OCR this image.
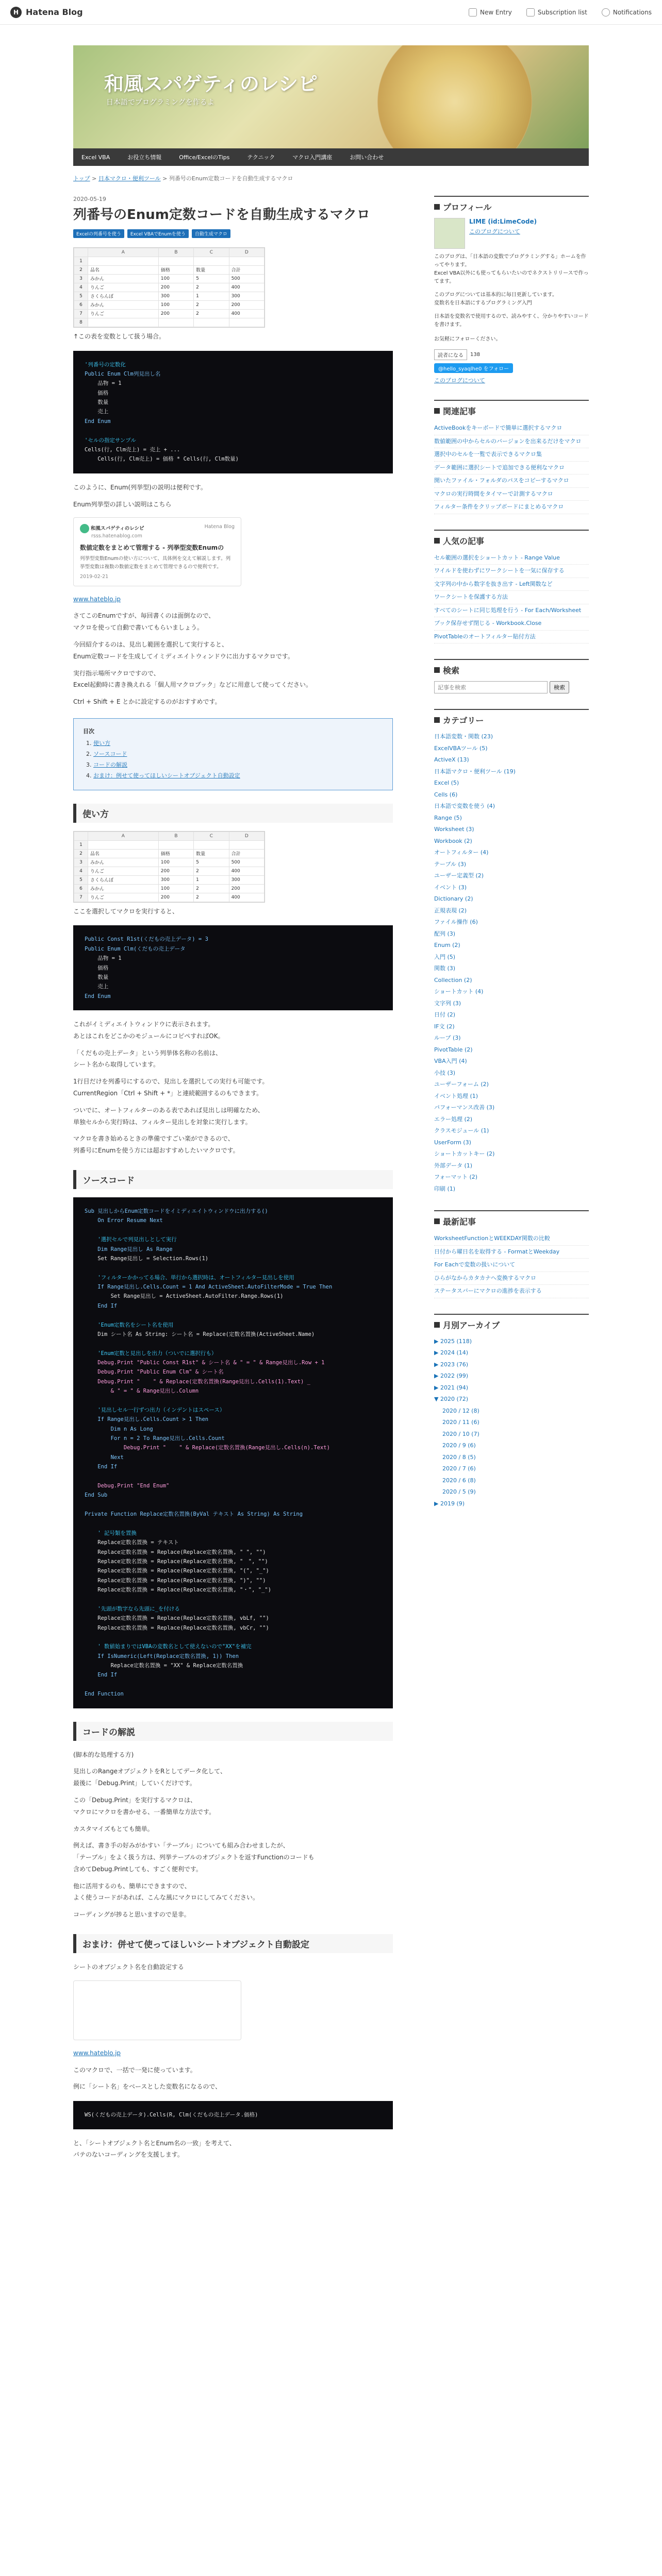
H Hatena Blog	New Entry	Subscription list	Notifications
和風スパゲティのレシピ
日本語でプログラミングを作るよ
Excel VBA	お役立ち情報	Office/ExcelのTips	テクニック	マクロ入門講座	お問い合わせ
トップ > 日本マクロ・便利ツール > 列番号のEnum定数コードを自動生成するマクロ
2020-05-19
列番号のEnum定数コードを自動生成するマクロ
Excelの列番号を使う	Excel VBAでEnumを使う	自動生成マクロ
	A	B	C	D
1				
2	品名	価格	数量	合計
3	みかん	100	5	500
4	りんご	200	2	400
5	さくらんぼ	300	1	300
6	みかん	100	2	200
7	りんご	200	2	400
8				

↑この表を変数として扱う場合。

'列番号の定数化
Public Enum Clm列見出し名
品物 = 1
価格
数量
売上
End Enum

'セルの指定サンプル
Cells(行, Clm売上) = 売上 + ...
Cells(行, Clm売上) = 価格 * Cells(行, Clm数量)

このように、Enum(列挙型)の説明は便利です。

Enum列挙型の詳しい説明はこちら

和風スパゲティのレシピ	Hatena Blog
rsss.hatenablog.com
数値定数をまとめて管理する - 列挙型変数Enumの
列挙型変数Enumの使い方について、具体例を交えて解説します。列挙型変数は複数の数値定数をまとめて管理できるので便利です。
2019-02-21

www.hateblo.jp

さてこのEnumですが、毎回書くのは面倒なので、
マクロを使って自動で書いてもらいましょう。

今回紹介するのは、見出し範囲を選択して実行すると、
Enum定数コードを生成してイミディエイトウィンドウに出力するマクロです。

実行指示場所マクロですので、
Excel起動時に書き換えれる「個人用マクロブック」などに用意して使ってください。

Ctrl + Shift + E とかに設定するのがおすすめです。

目次
1. 使い方
2. ソースコード
3. コードの解説
4. おまけ：例せて使ってほしいシートオブジェクト自動設定
使い方
	A	B	C	D
1				
2	品名	価格	数量	合計
3	みかん	100	5	500
4	りんご	200	2	400
5	さくらんぼ	300	1	300
6	みかん	100	2	200
7	りんご	200	2	400

ここを選択してマクロを実行すると、

Public Const R1st(くだもの売上データ) = 3
Public Enum Clm(くだもの売上データ
品物 = 1
価格
数量
売上
End Enum

これがイミディエイトウィンドウに表示されます。
あとはこれをどこかのモジュールにコピペすればOK。

「くだもの売上データ」という列挙体名称の名前は、
シート名から取得しています。

1行目だけを列番号にするので、見出しを選択しての実行も可能です。
CurrentRegion「Ctrl + Shift + *」と連続範囲するのもできます。

ついでに、オートフィルターのある表であれば見出しは明確なため、
単独セルから実行時は、フィルター見出しを対象に実行します。

マクロを書き始めるときの準備ですごい楽ができるので、
列番号にEnumを使う方には超おすすめしたいマクロです。

ソースコード
Sub 見出しからEnum定数コードをイミディエイトウィンドウに出力する()
On Error Resume Next

'選択セルで列見出しとして実行
Dim Range見出し As Range
Set Range見出し = Selection.Rows(1)

'フィルターかかってる場合、単行から選択時は、オートフィルター見出しを使用
If Range見出し.Cells.Count = 1 And ActiveSheet.AutoFilterMode = True Then
Set Range見出し = ActiveSheet.AutoFilter.Range.Rows(1)
End If

'Enum定数名をシート名を使用
Dim シート名 As String: シート名 = Replace(定数名置換(ActiveSheet.Name)

'Enum定数と見出しを出力（ついでに選択行も）
Debug.Print "Public Const R1st" & シート名 & " = " & Range見出し.Row + 1
Debug.Print "Public Enum Clm" & シート名
Debug.Print "    " & Replace(定数名置換(Range見出し.Cells(1).Text) _
& " = " & Range見出し.Column

'見出しセル一行ずつ出力（インデントはスペース）
If Range見出し.Cells.Count > 1 Then
Dim n As Long
For n = 2 To Range見出し.Cells.Count
Debug.Print "    " & Replace(定数名置換(Range見出し.Cells(n).Text)
Next
End If

Debug.Print "End Enum"
End Sub

Private Function Replace定数名置換(ByVal テキスト As String) As String

' 記号類を置換
Replace定数名置換 = テキスト
Replace定数名置換 = Replace(Replace定数名置換, " ", "")
Replace定数名置換 = Replace(Replace定数名置換, "　", "")
Replace定数名置換 = Replace(Replace定数名置換, "(", "_")
Replace定数名置換 = Replace(Replace定数名置換, ")", "")
Replace定数名置換 = Replace(Replace定数名置換, "・", "_")

'先頭が数字なら先頭に_を付ける
Replace定数名置換 = Replace(Replace定数名置換, vbLf, "")
Replace定数名置換 = Replace(Replace定数名置換, vbCr, "")

' 数値始まりではVBAの変数名として使えないので"XX"を補完
If IsNumeric(Left(Replace定数名置換, 1)) Then
Replace定数名置換 = "XX" & Replace定数名置換
End If

End Function
コードの解説

(脚本的な処理する方)

見出しのRangeオブジェクトをRとしてデータ化して、
最後に「Debug.Print」していくだけです。

この「Debug.Print」を実行するマクロは、
マクロにマクロを書かせる、一番簡単な方法です。

カスタマイズもとても簡単。

例えば、書き手の好みがかすい「テーブル」についても組み合わせましたが、
「テーブル」をよく扱う方は、列挙テーブルのオブジェクトを返すFunctionのコードも
含めてDebug.Printしても、すごく便利です。

他に活用するのも、簡単にできますので、
よく使うコードがあれば、こんな風にマクロにしてみてください。

コーディングが捗ると思いますので是非。

おまけ：併せて使ってほしいシートオブジェクト自動設定

シートのオブジェクト名を自動設定する

www.hateblo.jp

このマクロで、一括で一発に使っています。

例に「シート名」をベースとした変数名になるので、

WS(くだもの売上データ).Cells(R, Clm(くだもの売上データ.価格)

と、「シートオブジェクト名とEnum名の一致」を考えて、
パテのないコーディングを支援します。

プロフィール
LIME (id:LimeCode)
このブログについて

このブログは、「日本語の変数でプログラミングする」ホームを作ってやります。
Excel VBA以外にも使ってもらいたいのでネクストリリースで作ってます。

このブログについては基本的に毎日更新しています。
変数名を日本語にするプログラミング入門

日本語を変数名で使用するので、読みやすく、分かりやすいコードを書けます。

お気軽にフォローください。

読者になる	138
@hello_syaqlhe0 をフォロー
このブログについて
関連記事
ActiveBookをキーボードで簡単に選択するマクロ
数値範囲の中からセルのバージョンを出来るだけをマクロ
選択中のセルを一覧で表示できるマクロ集
データ範囲に選択シートで追加できる便利なマクロ
開いたファイル・フォルダのパスをコピーするマクロ
マクロの実行時間をタイマーで計測するマクロ
フィルター条件をクリップボードにまとめるマクロ
人気の記事
セル範囲の選択をショートカット - Range Value
ワイルドを使わずにワークシートを一気に保存する
文字列の中から数字を抜き出す - Left関数など
ワークシートを保護する方法
すべてのシートに同じ処理を行う - For Each/Worksheet
ブック保存せず閉じる - Workbook.Close
PivotTableのオートフィルター貼付方法
検索
記事を検索
検索
カテゴリー
日本語変数・関数 (23)
ExcelVBAツール (5)
ActiveX (13)
日本語マクロ・便利ツール (19)
Excel (5)
Cells (6)
日本語で変数を使う (4)
Range (5)
Worksheet (3)
Workbook (2)
オートフィルター (4)
テーブル (3)
ユーザー定義型 (2)
イベント (3)
Dictionary (2)
正規表現 (2)
ファイル操作 (6)
配列 (3)
Enum (2)
入門 (5)
関数 (3)
Collection (2)
ショートカット (4)
文字列 (3)
日付 (2)
IF文 (2)
ループ (3)
PivotTable (2)
VBA入門 (4)
小技 (3)
ユーザーフォーム (2)
イベント処理 (1)
パフォーマンス改善 (3)
エラー処理 (2)
クラスモジュール (1)
UserForm (3)
ショートカットキー (2)
外部データ (1)
フォーマット (2)
印刷 (1)
最新記事
WorksheetFunctionとWEEKDAY関数の比較
日付から曜日名を取得する - FormatとWeekday
For Eachで変数の扱いについて
ひらがなからカタカナへ変換するマクロ
ステータスバーにマクロの進捗を表示する
月別アーカイブ
▶ 2025 (118)
▶ 2024 (14)
▶ 2023 (76)
▶ 2022 (99)
▶ 2021 (94)
▼ 2020 (72)
2020 / 12 (8)
2020 / 11 (6)
2020 / 10 (7)
2020 / 9 (6)
2020 / 8 (5)
2020 / 7 (6)
2020 / 6 (8)
2020 / 5 (9)
▶ 2019 (9)
